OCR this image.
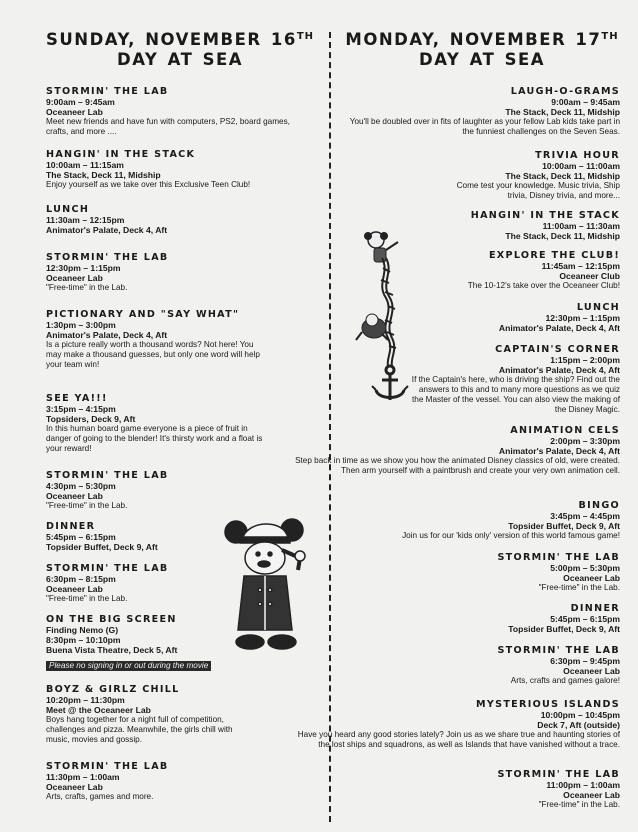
SUNDAY, NOVEMBER 16TH
DAY AT SEA
STORMIN' THE LAB
9:00am – 9:45am
Oceaneer Lab
Meet new friends and have fun with computers, PS2, board games, crafts, and more ....
HANGIN' IN THE STACK
10:00am – 11:15am
The Stack, Deck 11, Midship
Enjoy yourself as we take over this Exclusive Teen Club!
LUNCH
11:30am – 12:15pm
Animator's Palate, Deck 4, Aft
STORMIN' THE LAB
12:30pm – 1:15pm
Oceaneer Lab
"Free-time" in the Lab.
PICTIONARY AND "SAY WHAT"
1:30pm – 3:00pm
Animator's Palate, Deck 4, Aft
Is a picture really worth a thousand words? Not here! You may make a thousand guesses, but only one word will help your team win!
SEE YA!!!
3:15pm – 4:15pm
Topsiders, Deck 9, Aft
In this human board game everyone is a piece of fruit in danger of going to the blender! It's thirsty work and a float is your reward!
STORMIN' THE LAB
4:30pm – 5:30pm
Oceaneer Lab
"Free-time" in the Lab.
DINNER
5:45pm – 6:15pm
Topsider Buffet, Deck 9, Aft
STORMIN' THE LAB
6:30pm – 8:15pm
Oceaneer Lab
"Free-time" in the Lab.
ON THE BIG SCREEN
Finding Nemo (G)
8:30pm – 10:10pm
Buena Vista Theatre, Deck 5, Aft
Please no signing in or out during the movie
BOYZ & GIRLZ CHILL
10:20pm – 11:30pm
Meet @ the Oceaneer Lab
Boys hang together for a night full of competition, challenges and pizza. Meanwhile, the girls chill with music, movies and gossip.
STORMIN' THE LAB
11:30pm – 1:00am
Oceaneer Lab
Arts, crafts, games and more.
MONDAY, NOVEMBER 17TH
DAY AT SEA
LAUGH-O-GRAMS
9:00am – 9:45am
The Stack, Deck 11, Midship
You'll be doubled over in fits of laughter as your fellow Lab kids take part in the funniest challenges on the Seven Seas.
TRIVIA HOUR
10:00am – 11:00am
The Stack, Deck 11, Midship
Come test your knowledge. Music trivia, Ship trivia, Disney trivia, and more...
HANGIN' IN THE STACK
11:00am – 11:30am
The Stack, Deck 11, Midship
EXPLORE THE CLUB!
11:45am – 12:15pm
Oceaneer Club
The 10-12's take over the Oceaneer Club!
LUNCH
12:30pm – 1:15pm
Animator's Palate, Deck 4, Aft
CAPTAIN'S CORNER
1:15pm – 2:00pm
Animator's Palate, Deck 4, Aft
If the Captain's here, who is driving the ship? Find out the answers to this and to many more questions as we quiz the Master of the vessel. You can also view the making of the Disney Magic.
ANIMATION CELS
2:00pm – 3:30pm
Animator's Palate, Deck 4, Aft
Step back in time as we show you how the animated Disney classics of old, were created. Then arm yourself with a paintbrush and create your very own animation cell.
BINGO
3:45pm – 4:45pm
Topsider Buffet, Deck 9, Aft
Join us for our 'kids only' version of this world famous game!
STORMIN' THE LAB
5:00pm – 5:30pm
Oceaneer Lab
"Free-time" in the Lab.
DINNER
5:45pm – 6:15pm
Topsider Buffet, Deck 9, Aft
STORMIN' THE LAB
6:30pm – 9:45pm
Oceaneer Lab
Arts, crafts and games galore!
MYSTERIOUS ISLANDS
10:00pm – 10:45pm
Deck 7, Aft (outside)
Have you heard any good stories lately? Join us as we share true and haunting stories of the lost ships and squadrons, as well as Islands that have vanished without a trace.
STORMIN' THE LAB
11:00pm – 1:00am
Oceaneer Lab
"Free-time" in the Lab.
